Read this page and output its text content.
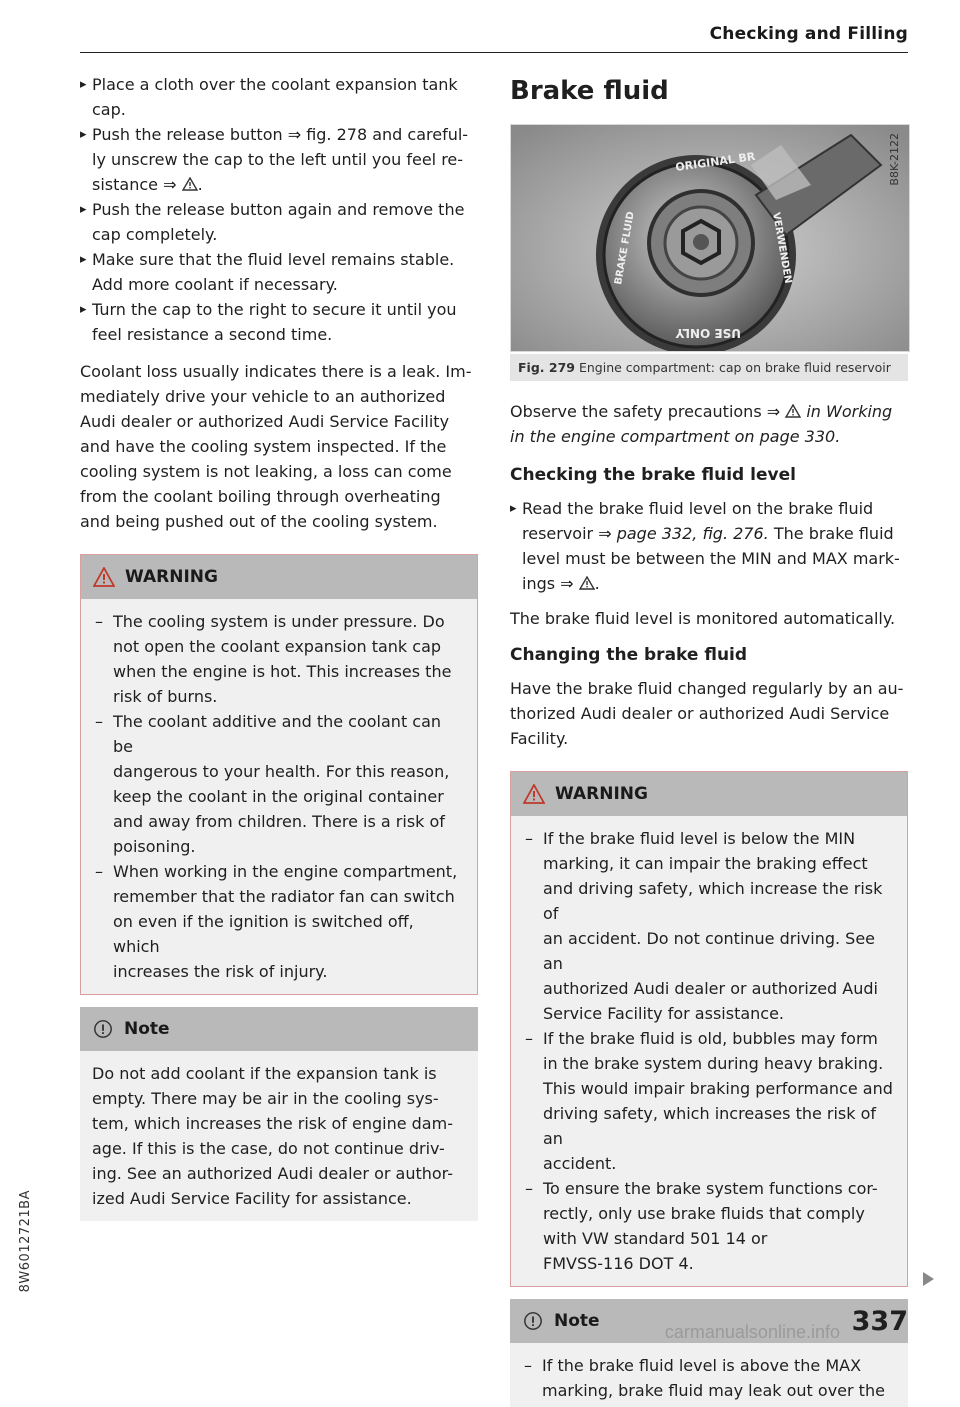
Checking and Filling
▸ Place a cloth over the coolant expansion tank
cap.
▸ Push the release button ⇒ fig. 278 and careful-
ly unscrew the cap to the left until you feel re-
sistance ⇒ .
▸ Push the release button again and remove the
cap completely.
▸ Make sure that the fluid level remains stable.
Add more coolant if necessary.
▸ Turn the cap to the right to secure it until you
feel resistance a second time.

Coolant loss usually indicates there is a leak. Im-
mediately drive your vehicle to an authorized
Audi dealer or authorized Audi Service Facility
and have the cooling system inspected. If the
cooling system is not leaking, a loss can come
from the coolant boiling through overheating
and being pushed out of the cooling system.

WARNING
– The cooling system is under pressure. Do
not open the coolant expansion tank cap
when the engine is hot. This increases the
risk of burns.
– The coolant additive and the coolant can be
dangerous to your health. For this reason,
keep the coolant in the original container
and away from children. There is a risk of
poisoning.
– When working in the engine compartment,
remember that the radiator fan can switch
on even if the ignition is switched off, which
increases the risk of injury.
Note

Do not add coolant if the expansion tank is
empty. There may be air in the cooling sys-
tem, which increases the risk of engine dam-
age. If this is the case, do not continue driv-
ing. See an authorized Audi dealer or author-
ized Audi Service Facility for assistance.

Brake fluid
ORIGINAL BR
USE ONLY
BRAKE FLUID	VERWENDEN
B8K-2122
Fig. 279 Engine compartment: cap on brake fluid reservoir

Observe the safety precautions ⇒ in Working
in the engine compartment on page 330.

Checking the brake fluid level

▸ Read the brake fluid level on the brake fluid
reservoir ⇒ page 332, fig. 276. The brake fluid
level must be between the MIN and MAX mark-
ings ⇒ .

The brake fluid level is monitored automatically.

Changing the brake fluid

Have the brake fluid changed regularly by an au-
thorized Audi dealer or authorized Audi Service
Facility.

WARNING
– If the brake fluid level is below the MIN
marking, it can impair the braking effect
and driving safety, which increase the risk of
an accident. Do not continue driving. See an
authorized Audi dealer or authorized Audi
Service Facility for assistance.
– If the brake fluid is old, bubbles may form
in the brake system during heavy braking.
This would impair braking performance and
driving safety, which increases the risk of an
accident.
– To ensure the brake system functions cor-
rectly, only use brake fluids that comply
with VW standard 501 14 or
FMVSS-116 DOT 4.
Note
– If the brake fluid level is above the MAX
marking, brake fluid may leak out over the
337
8W6012721BA
carmanualsonline.info
